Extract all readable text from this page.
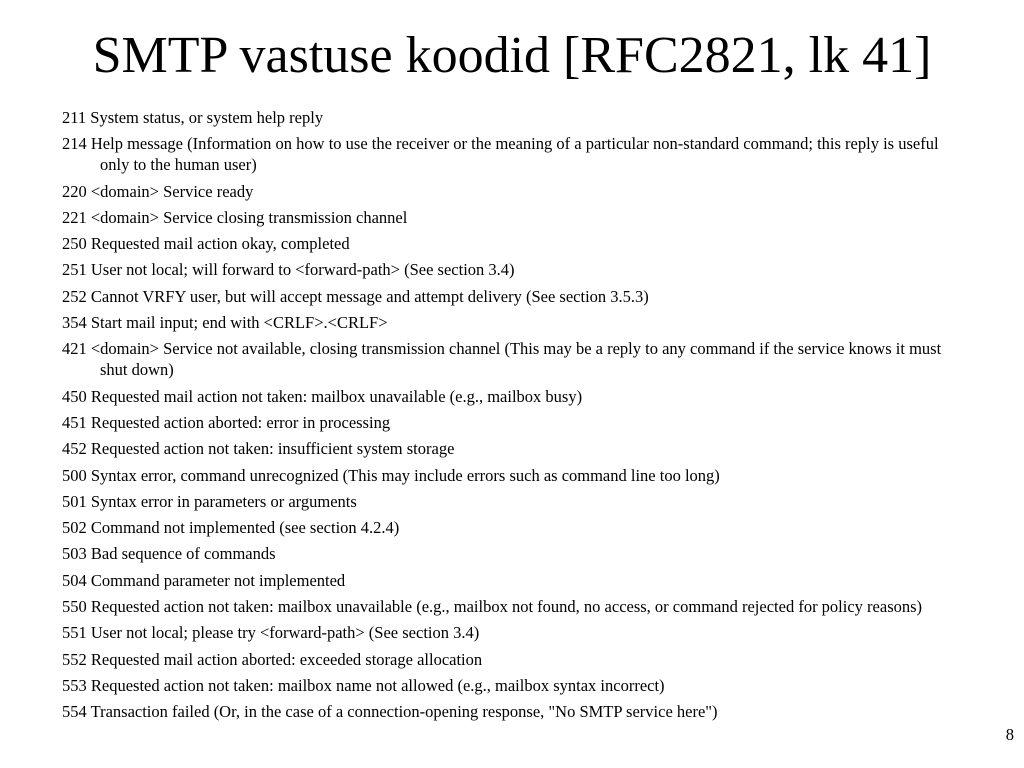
SMTP vastuse koodid [RFC2821, lk 41]
211 System status, or system help reply
214 Help message (Information on how to use the receiver or the meaning of a particular non-standard command; this reply is useful only to the human user)
220 <domain> Service ready
221 <domain> Service closing transmission channel
250 Requested mail action okay, completed
251 User not local; will forward to <forward-path> (See section 3.4)
252 Cannot VRFY user, but will accept message and attempt delivery (See section 3.5.3)
354 Start mail input; end with <CRLF>.<CRLF>
421 <domain> Service not available, closing transmission channel (This may be a reply to any command if the service knows it must shut down)
450 Requested mail action not taken: mailbox unavailable (e.g., mailbox busy)
451 Requested action aborted: error in processing
452 Requested action not taken: insufficient system storage
500 Syntax error, command unrecognized (This may include errors such as command line too long)
501 Syntax error in parameters or arguments
502 Command not implemented (see section 4.2.4)
503 Bad sequence of commands
504 Command parameter not implemented
550 Requested action not taken: mailbox unavailable (e.g., mailbox not found, no access, or command rejected for policy reasons)
551 User not local; please try <forward-path> (See section 3.4)
552 Requested mail action aborted: exceeded storage allocation
553 Requested action not taken: mailbox name not allowed (e.g., mailbox syntax incorrect)
554 Transaction failed (Or, in the case of a connection-opening response, "No SMTP service here")
8
